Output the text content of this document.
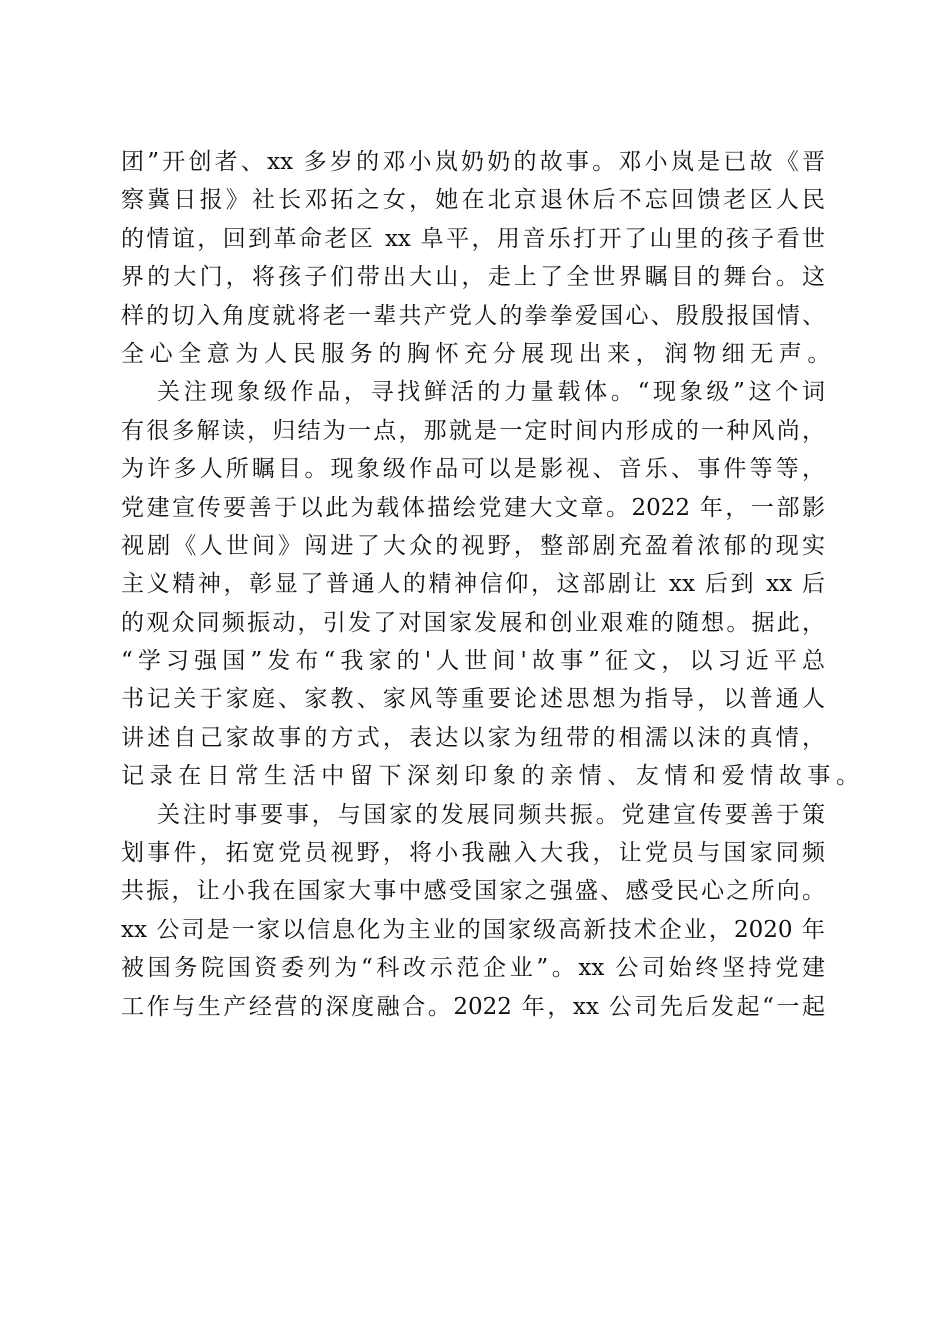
团”开创者、xx 多岁的邓小岚奶奶的故事。邓小岚是已故《晋
察冀日报》社长邓拓之女，她在北京退休后不忘回馈老区人民
的情谊，回到革命老区 xx 阜平，用音乐打开了山里的孩子看世
界的大门，将孩子们带出大山，走上了全世界瞩目的舞台。这
样的切入角度就将老一辈共产党人的拳拳爱国心、殷殷报国情、
全心全意为人民服务的胸怀充分展现出来，润物细无声。
关注现象级作品，寻找鲜活的力量载体。“现象级”这个词
有很多解读，归结为一点，那就是一定时间内形成的一种风尚，
为许多人所瞩目。现象级作品可以是影视、音乐、事件等等，
党建宣传要善于以此为载体描绘党建大文章。2022 年，一部影
视剧《人世间》闯进了大众的视野，整部剧充盈着浓郁的现实
主义精神，彰显了普通人的精神信仰，这部剧让 xx 后到 xx 后
的观众同频振动，引发了对国家发展和创业艰难的随想。据此，
“学习强国”发布“我家的'人世间'故事”征文，以习近平总
书记关于家庭、家教、家风等重要论述思想为指导，以普通人
讲述自己家故事的方式，表达以家为纽带的相濡以沫的真情，
记录在日常生活中留下深刻印象的亲情、友情和爱情故事。
关注时事要事，与国家的发展同频共振。党建宣传要善于策
划事件，拓宽党员视野，将小我融入大我，让党员与国家同频
共振，让小我在国家大事中感受国家之强盛、感受民心之所向。
xx 公司是一家以信息化为主业的国家级高新技术企业，2020 年
被国务院国资委列为“科改示范企业”。xx 公司始终坚持党建
工作与生产经营的深度融合。2022 年，xx 公司先后发起“一起
